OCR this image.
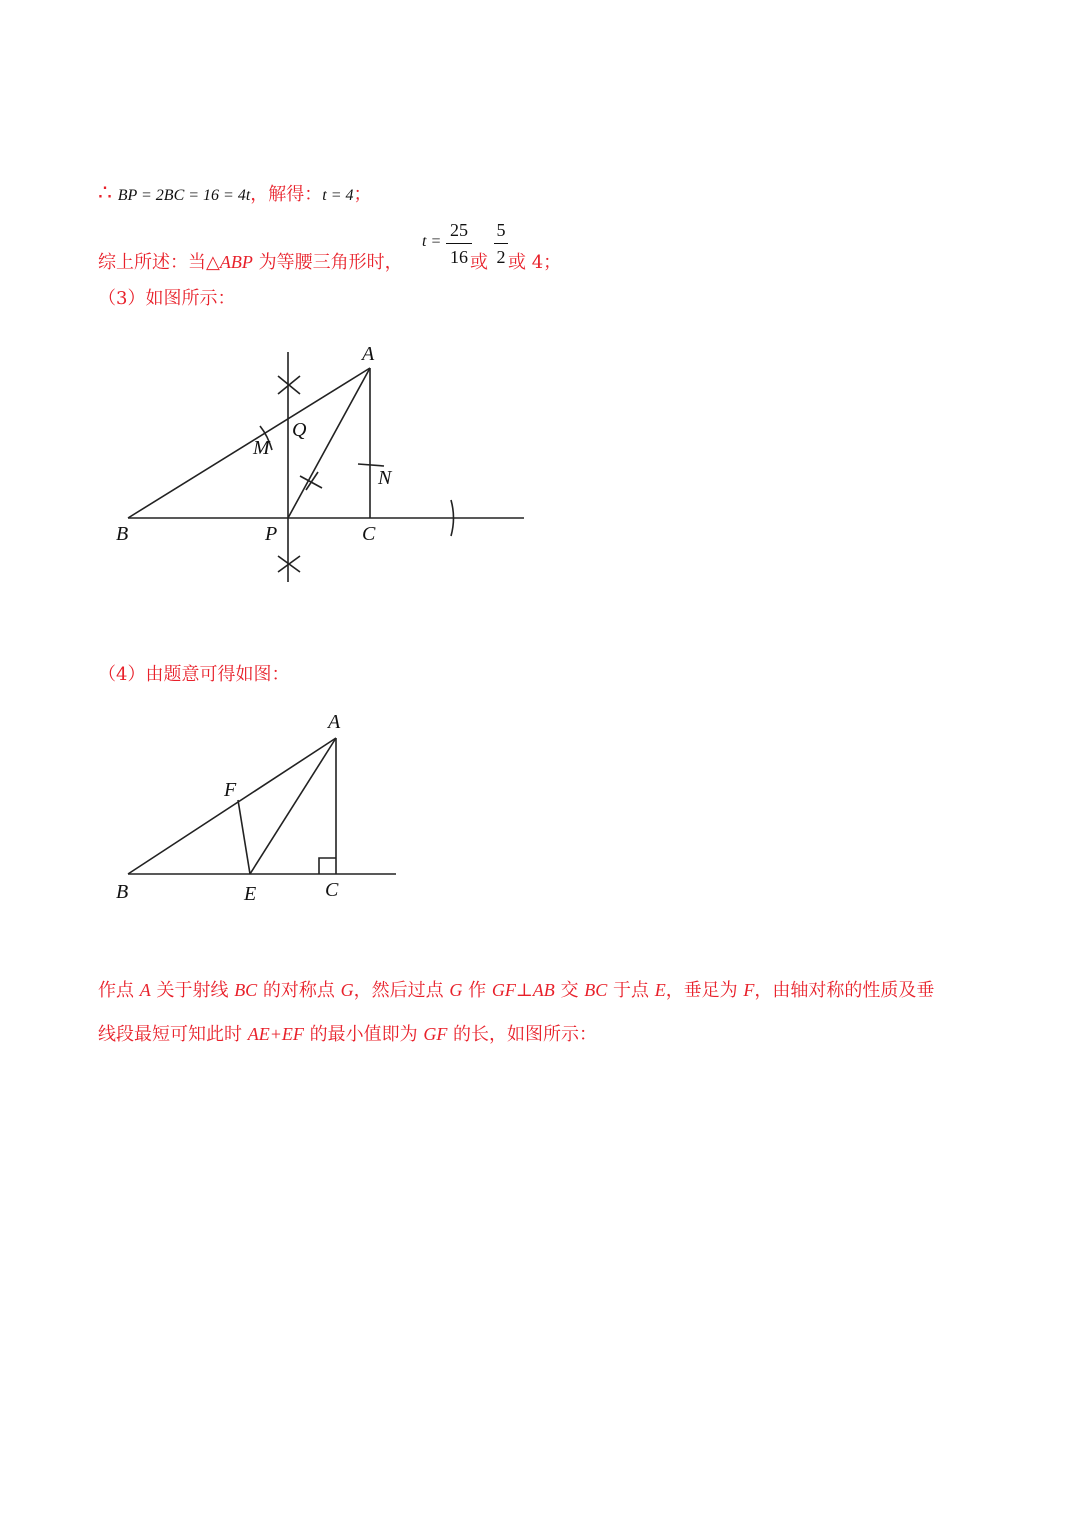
∴ BP = 2BC = 16 = 4t，解得：t = 4；
综上所述：当△ABP 为等腰三角形时，
t =
25
16 或
5
2 或 4；
（3）如图所示：
A
Q
M
N
B	P	C
（4）由题意可得如图：
A
F
B	E	C
作点 A 关于射线 BC 的对称点 G，然后过点 G 作 GF⊥AB 交 BC 于点 E，垂足为 F，由轴对称的性质及垂
线段最短可知此时 AE+EF 的最小值即为 GF 的长，如图所示：
